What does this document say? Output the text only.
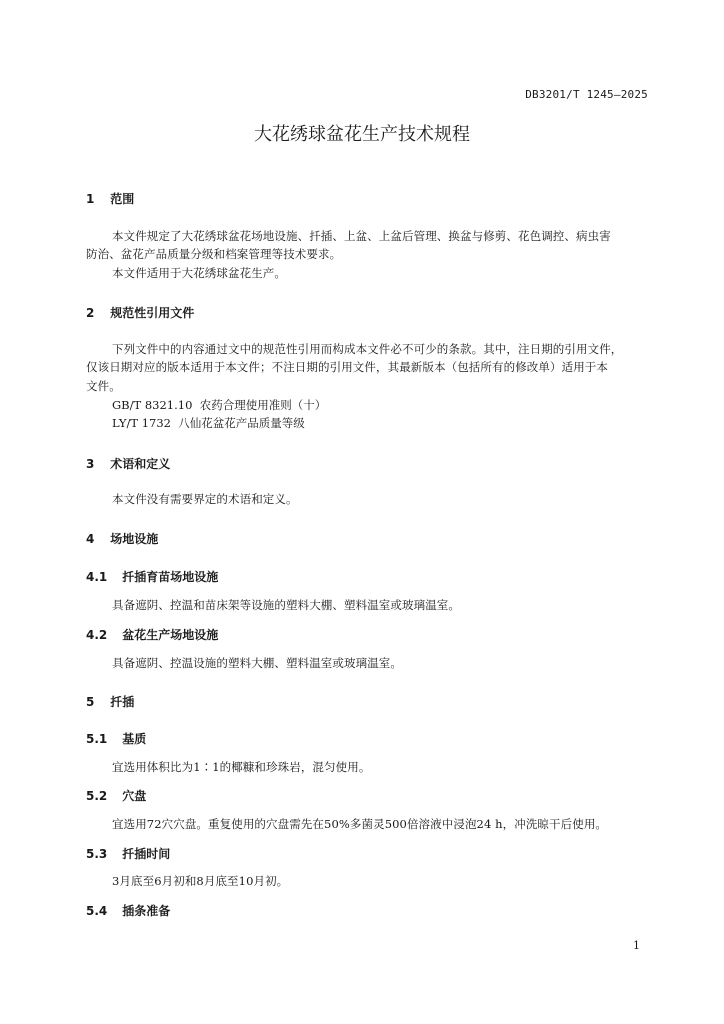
DB3201/T 1245—2025
大花绣球盆花生产技术规程
1 范围
本文件规定了大花绣球盆花场地设施、扦插、上盆、上盆后管理、换盆与修剪、花色调控、病虫害
防治、盆花产品质量分级和档案管理等技术要求。
本文件适用于大花绣球盆花生产。
2 规范性引用文件
下列文件中的内容通过文中的规范性引用而构成本文件必不可少的条款。其中，注日期的引用文件，
仅该日期对应的版本适用于本文件；不注日期的引用文件，其最新版本（包括所有的修改单）适用于本
文件。
GB/T 8321.10 农药合理使用准则（十）
LY/T 1732 八仙花盆花产品质量等级
3 术语和定义
本文件没有需要界定的术语和定义。
4 场地设施
4.1 扦插育苗场地设施
具备遮阴、控温和苗床架等设施的塑料大棚、塑料温室或玻璃温室。
4.2 盆花生产场地设施
具备遮阴、控温设施的塑料大棚、塑料温室或玻璃温室。
5 扦插
5.1 基质
宜选用体积比为1∶1的椰糠和珍珠岩，混匀使用。
5.2 穴盘
宜选用72穴穴盘。重复使用的穴盘需先在50%多菌灵500倍溶液中浸泡24 h，冲洗晾干后使用。
5.3 扦插时间
3月底至6月初和8月底至10月初。
5.4 插条准备
1
